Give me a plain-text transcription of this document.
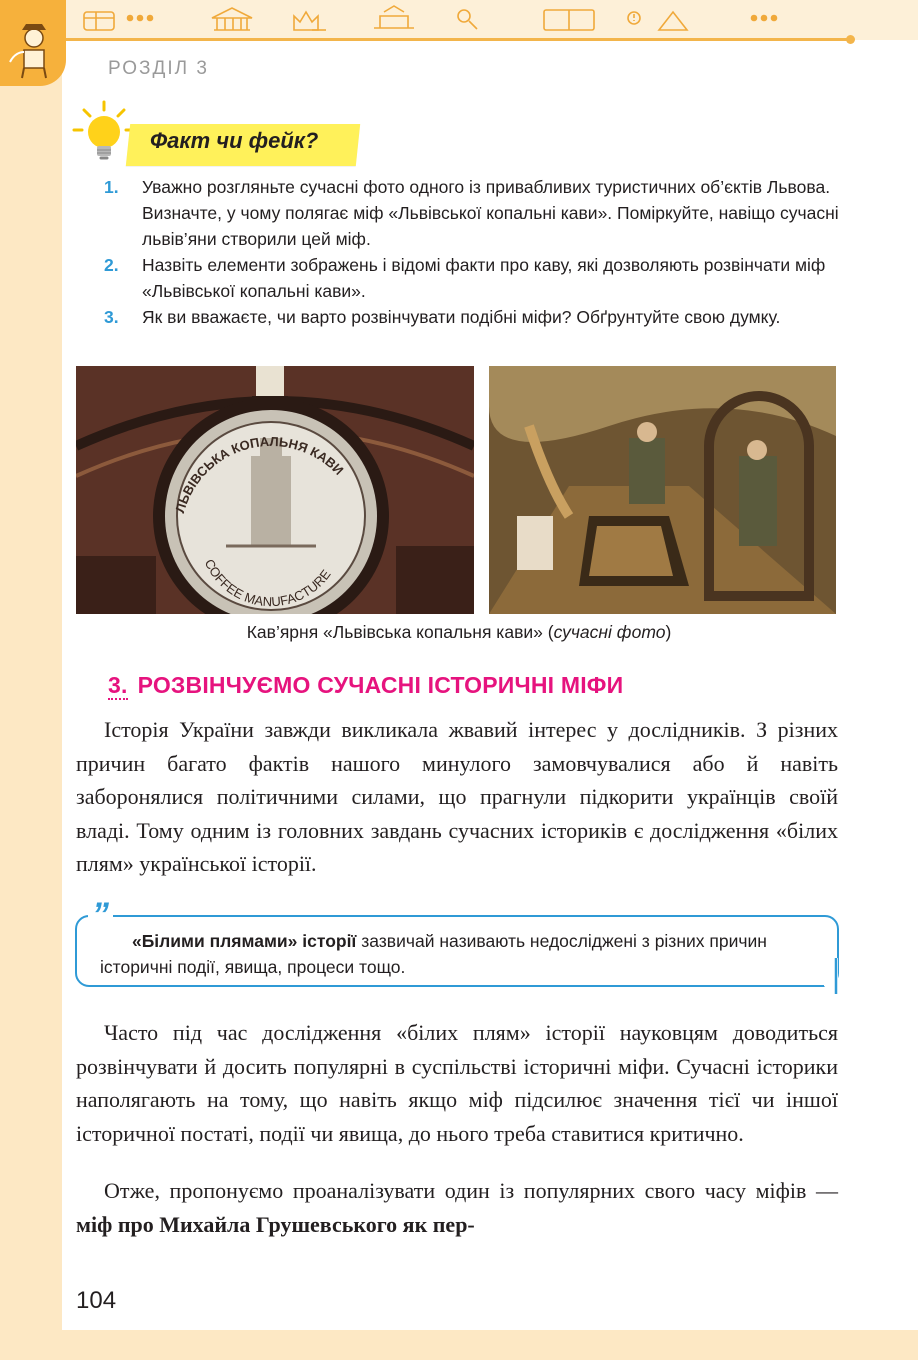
РОЗДІЛ 3
Факт чи фейк?
1. Уважно розгляньте сучасні фото одного із привабливих туристичних об’єктів Львова. Визначте, у чому полягає міф «Львівської копальні кави». Поміркуйте, навіщо сучасні львів’яни створили цей міф.
2. Назвіть елементи зображень і відомі факти про каву, які дозволяють розвінчати міф «Львівської копальні кави».
3. Як ви вважаєте, чи варто розвінчувати подібні міфи? Обґрунтуйте свою думку.
ЛЬВІВСЬКА КОПАЛЬНЯ КАВИ
COFFEE MANUFACTURE
Кав’ярня «Львівська копальня кави» (сучасні фото)
3. РОЗВІНЧУЄМО СУЧАСНІ ІСТОРИЧНІ МІФИ

Історія України завжди викликала жвавий інтерес у дослідників. З різних причин багато фактів нашого минулого замовчувалися або й навіть заборонялися політичними силами, що прагнули підкорити українців своїй владі. Тому одним із головних завдань сучасних істориків є дослідження «білих плям» української історії.

”

«Білими плямами» історії зазвичай називають недосліджені з різних причин історичні події, явища, процеси тощо.

Часто під час дослідження «білих плям» історії науковцям доводиться розвінчувати й досить популярні в суспільстві історичні міфи. Сучасні історики наполягають на тому, що навіть якщо міф підсилює значення тієї чи іншої історичної постаті, події чи явища, до нього треба ставитися критично.

Отже, пропонуємо проаналізувати один із популярних свого часу міфів — міф про Михайла Грушевського як пер-

104
